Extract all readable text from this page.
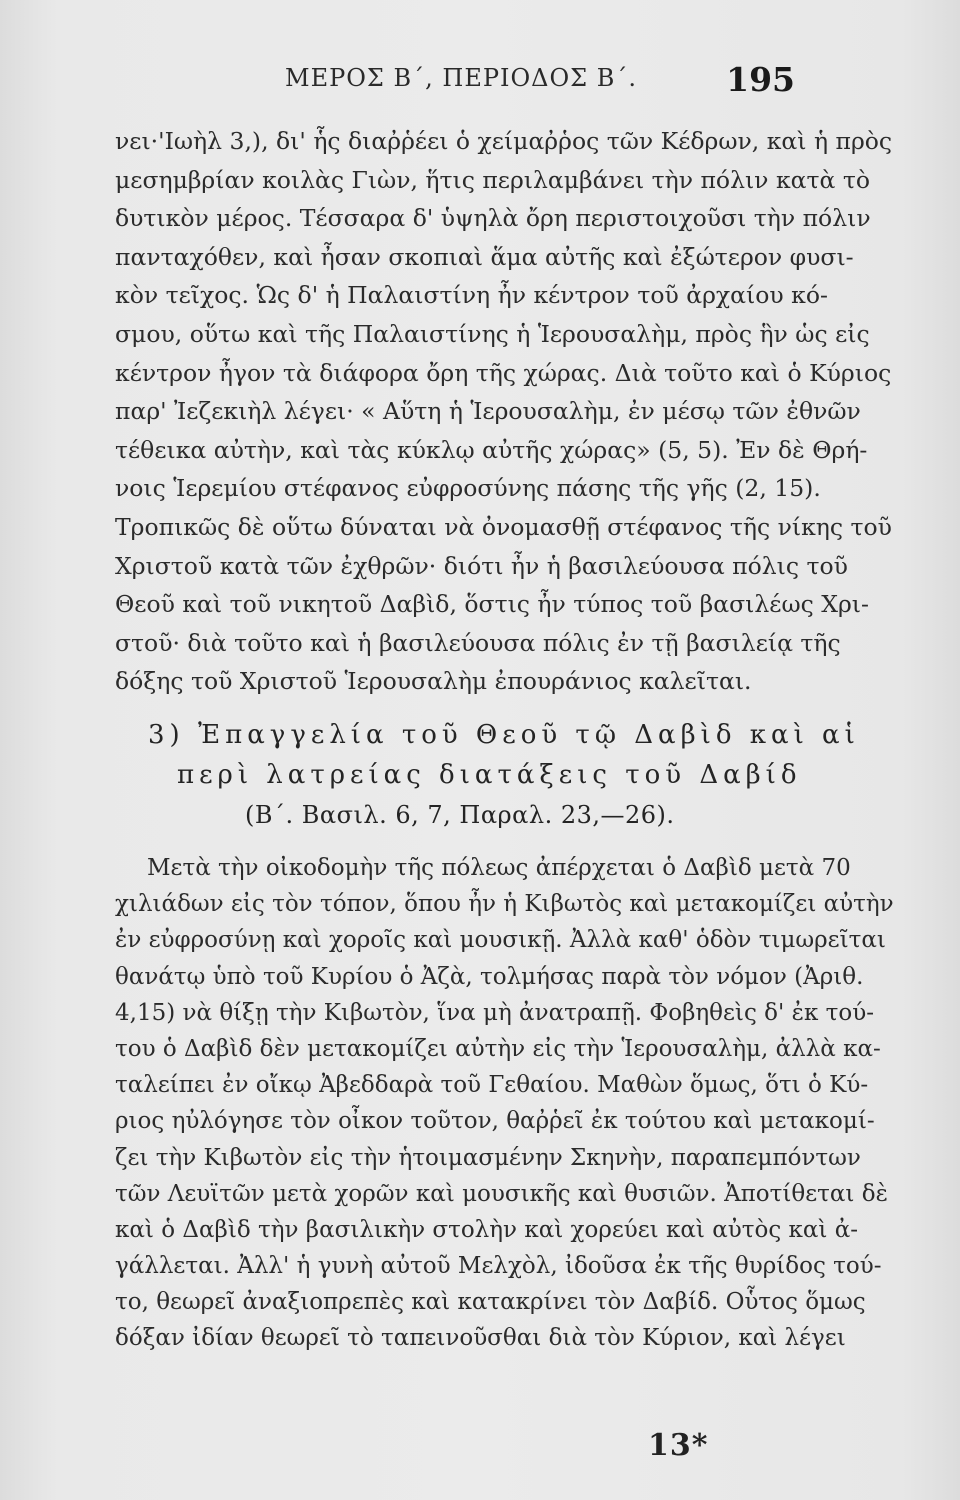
ΜΕΡΟΣ Β΄, ΠΕΡΙΟΔΟΣ Β΄.	195
νει·'Ιωὴλ 3,), δι' ἧς διαῤῥέει ὁ χείμαῤῥος τῶν Κέδρων, καὶ ἡ πρὸς
μεσημβρίαν κοιλὰς Γιὼν, ἥτις περιλαμβάνει τὴν πόλιν κατὰ τὸ
δυτικὸν μέρος. Τέσσαρα δ' ὑψηλὰ ὄρη περιστοιχοῦσι τὴν πόλιν
πανταχόθεν, καὶ ἦσαν σκοπιαὶ ἅμα αὐτῆς καὶ ἐξώτερον φυσι-
κὸν τεῖχος. Ὡς δ' ἡ Παλαιστίνη ἦν κέντρον τοῦ ἀρχαίου κό-
σμου, οὕτω καὶ τῆς Παλαιστίνης ἡ Ἱερουσαλὴμ, πρὸς ἣν ὡς εἰς
κέντρον ἦγον τὰ διάφορα ὄρη τῆς χώρας. Διὰ τοῦτο καὶ ὁ Κύριος
παρ' Ἰεζεκιὴλ λέγει· « Αὕτη ἡ Ἱερουσαλὴμ, ἐν μέσῳ τῶν ἐθνῶν
τέθεικα αὐτὴν, καὶ τὰς κύκλῳ αὐτῆς χώρας» (5, 5). Ἐν δὲ Θρή-
νοις Ἱερεμίου στέφανος εὐφροσύνης πάσης τῆς γῆς (2, 15).
Τροπικῶς δὲ οὕτω δύναται νὰ ὀνομασθῇ στέφανος τῆς νίκης τοῦ
Χριστοῦ κατὰ τῶν ἐχθρῶν· διότι ἦν ἡ βασιλεύουσα πόλις τοῦ
Θεοῦ καὶ τοῦ νικητοῦ Δαβὶδ, ὅστις ἦν τύπος τοῦ βασιλέως Χρι-
στοῦ· διὰ τοῦτο καὶ ἡ βασιλεύουσα πόλις ἐν τῇ βασιλείᾳ τῆς
δόξης τοῦ Χριστοῦ Ἱερουσαλὴμ ἐπουράνιος καλεῖται.
3) Ἐπαγγελία τοῦ Θεοῦ τῷ Δαβὶδ καὶ αἱ
περὶ λατρείας διατάξεις τοῦ Δαβίδ
(Β΄. Βασιλ. 6, 7, Παραλ. 23,—26).
Μετὰ τὴν οἰκοδομὴν τῆς πόλεως ἀπέρχεται ὁ Δαβὶδ μετὰ 70
χιλιάδων εἰς τὸν τόπον, ὅπου ἦν ἡ Κιβωτὸς καὶ μετακομίζει αὐτὴν
ἐν εὐφροσύνῃ καὶ χοροῖς καὶ μουσικῇ. Ἀλλὰ καθ' ὁδὸν τιμωρεῖται
θανάτῳ ὑπὸ τοῦ Κυρίου ὁ Ἀζὰ, τολμήσας παρὰ τὸν νόμον (Ἀριθ.
4,15) νὰ θίξῃ τὴν Κιβωτὸν, ἵνα μὴ ἀνατραπῇ. Φοβηθεὶς δ' ἐκ τού-
του ὁ Δαβὶδ δὲν μετακομίζει αὐτὴν εἰς τὴν Ἱερουσαλὴμ, ἀλλὰ κα-
ταλείπει ἐν οἴκῳ Ἀβεδδαρὰ τοῦ Γεθαίου. Μαθὼν ὅμως, ὅτι ὁ Κύ-
ριος ηὐλόγησε τὸν οἶκον τοῦτον, θαῤῥεῖ ἐκ τούτου καὶ μετακομί-
ζει τὴν Κιβωτὸν εἰς τὴν ἡτοιμασμένην Σκηνὴν, παραπεμπόντων
τῶν Λευϊτῶν μετὰ χορῶν καὶ μουσικῆς καὶ θυσιῶν. Ἀποτίθεται δὲ
καὶ ὁ Δαβὶδ τὴν βασιλικὴν στολὴν καὶ χορεύει καὶ αὐτὸς καὶ ἀ-
γάλλεται. Ἀλλ' ἡ γυνὴ αὐτοῦ Μελχὸλ, ἰδοῦσα ἐκ τῆς θυρίδος τού-
το, θεωρεῖ ἀναξιοπρεπὲς καὶ κατακρίνει τὸν Δαβίδ. Οὗτος ὅμως
δόξαν ἰδίαν θεωρεῖ τὸ ταπεινοῦσθαι διὰ τὸν Κύριον, καὶ λέγει
13*
